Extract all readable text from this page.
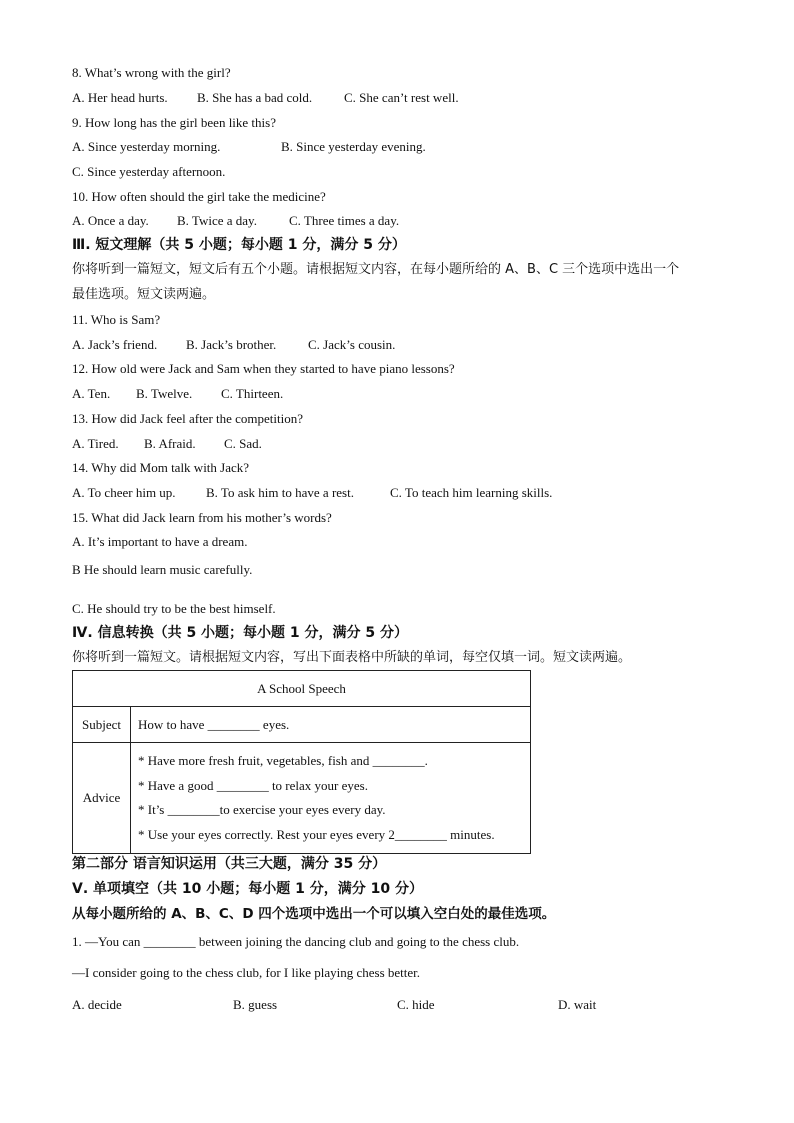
8. What’s wrong with the girl?
A. Her head hurts. B. She has a bad cold. C. She can’t rest well.
9. How long has the girl been like this?
A. Since yesterday morning.	B. Since yesterday evening.
C. Since yesterday afternoon.
10. How often should the girl take the medicine?
A. Once a day. B. Twice a day. C. Three times a day.
Ⅲ. 短文理解（共 5 小题；每小题 1 分，满分 5 分）
你将听到一篇短文，短文后有五个小题。请根据短文内容，在每小题所给的 A、B、C 三个选项中选出一个
最佳选项。短文读两遍。
11. Who is Sam?
A. Jack’s friend. B. Jack’s brother. C. Jack’s cousin.
12. How old were Jack and Sam when they started to have piano lessons?
A. Ten. B. Twelve. C. Thirteen.
13. How did Jack feel after the competition?
A. Tired. B. Afraid. C. Sad.
14. Why did Mom talk with Jack?
A. To cheer him up. B. To ask him to have a rest.	C. To teach him learning skills.
15. What did Jack learn from his mother’s words?
A. It’s important to have a dream.
B He should learn music carefully.
C. He should try to be the best himself.
Ⅳ. 信息转换（共 5 小题；每小题 1 分，满分 5 分）
你将听到一篇短文。请根据短文内容，写出下面表格中所缺的单词，每空仅填一词。短文读两遍。
A School Speech	
Subject	How to have ________ eyes.
Advice	* Have more fresh fruit, vegetables, fish and ________.
* Have a good ________ to relax your eyes.
* It’s ________to exercise your eyes every day.
* Use your eyes correctly. Rest your eyes every 2________ minutes.
第二部分 语言知识运用（共三大题，满分 35 分）
Ⅴ. 单项填空（共 10 小题；每小题 1 分，满分 10 分）
从每小题所给的 A、B、C、D 四个选项中选出一个可以填入空白处的最佳选项。
1. —You can ________ between joining the dancing club and going to the chess club.
—I consider going to the chess club, for I like playing chess better.
A. decide	B. guess	C. hide	D. wait
